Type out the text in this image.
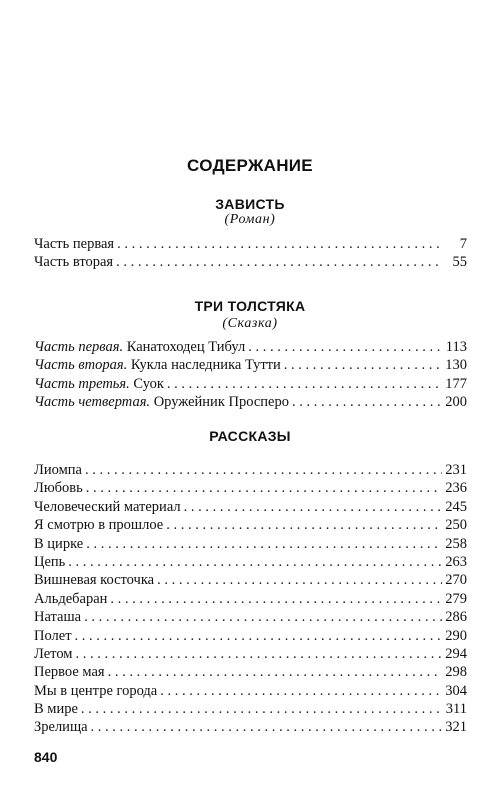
СОДЕРЖАНИЕ
ЗАВИСТЬ
(Роман)
Часть первая . . .	7
Часть вторая . . .	55
ТРИ ТОЛСТЯКА
(Сказка)
Часть первая. Канатоходец Тибул . . .	113
Часть вторая. Кукла наследника Тутти . . .	130
Часть третья. Суок . . .	177
Часть четвертая. Оружейник Просперо . . .	200
РАССКАЗЫ
Лиомпа . . .	231
Любовь . . .	236
Человеческий материал . . .	245
Я смотрю в прошлое . . .	250
В цирке . . .	258
Цепь . . .	263
Вишневая косточка . . .	270
Альдебаран . . .	279
Наташа . . .	286
Полет . . .	290
Летом . . .	294
Первое мая . . .	298
Мы в центре города . . .	304
В мире . . .	311
Зрелища . . .	321
840
